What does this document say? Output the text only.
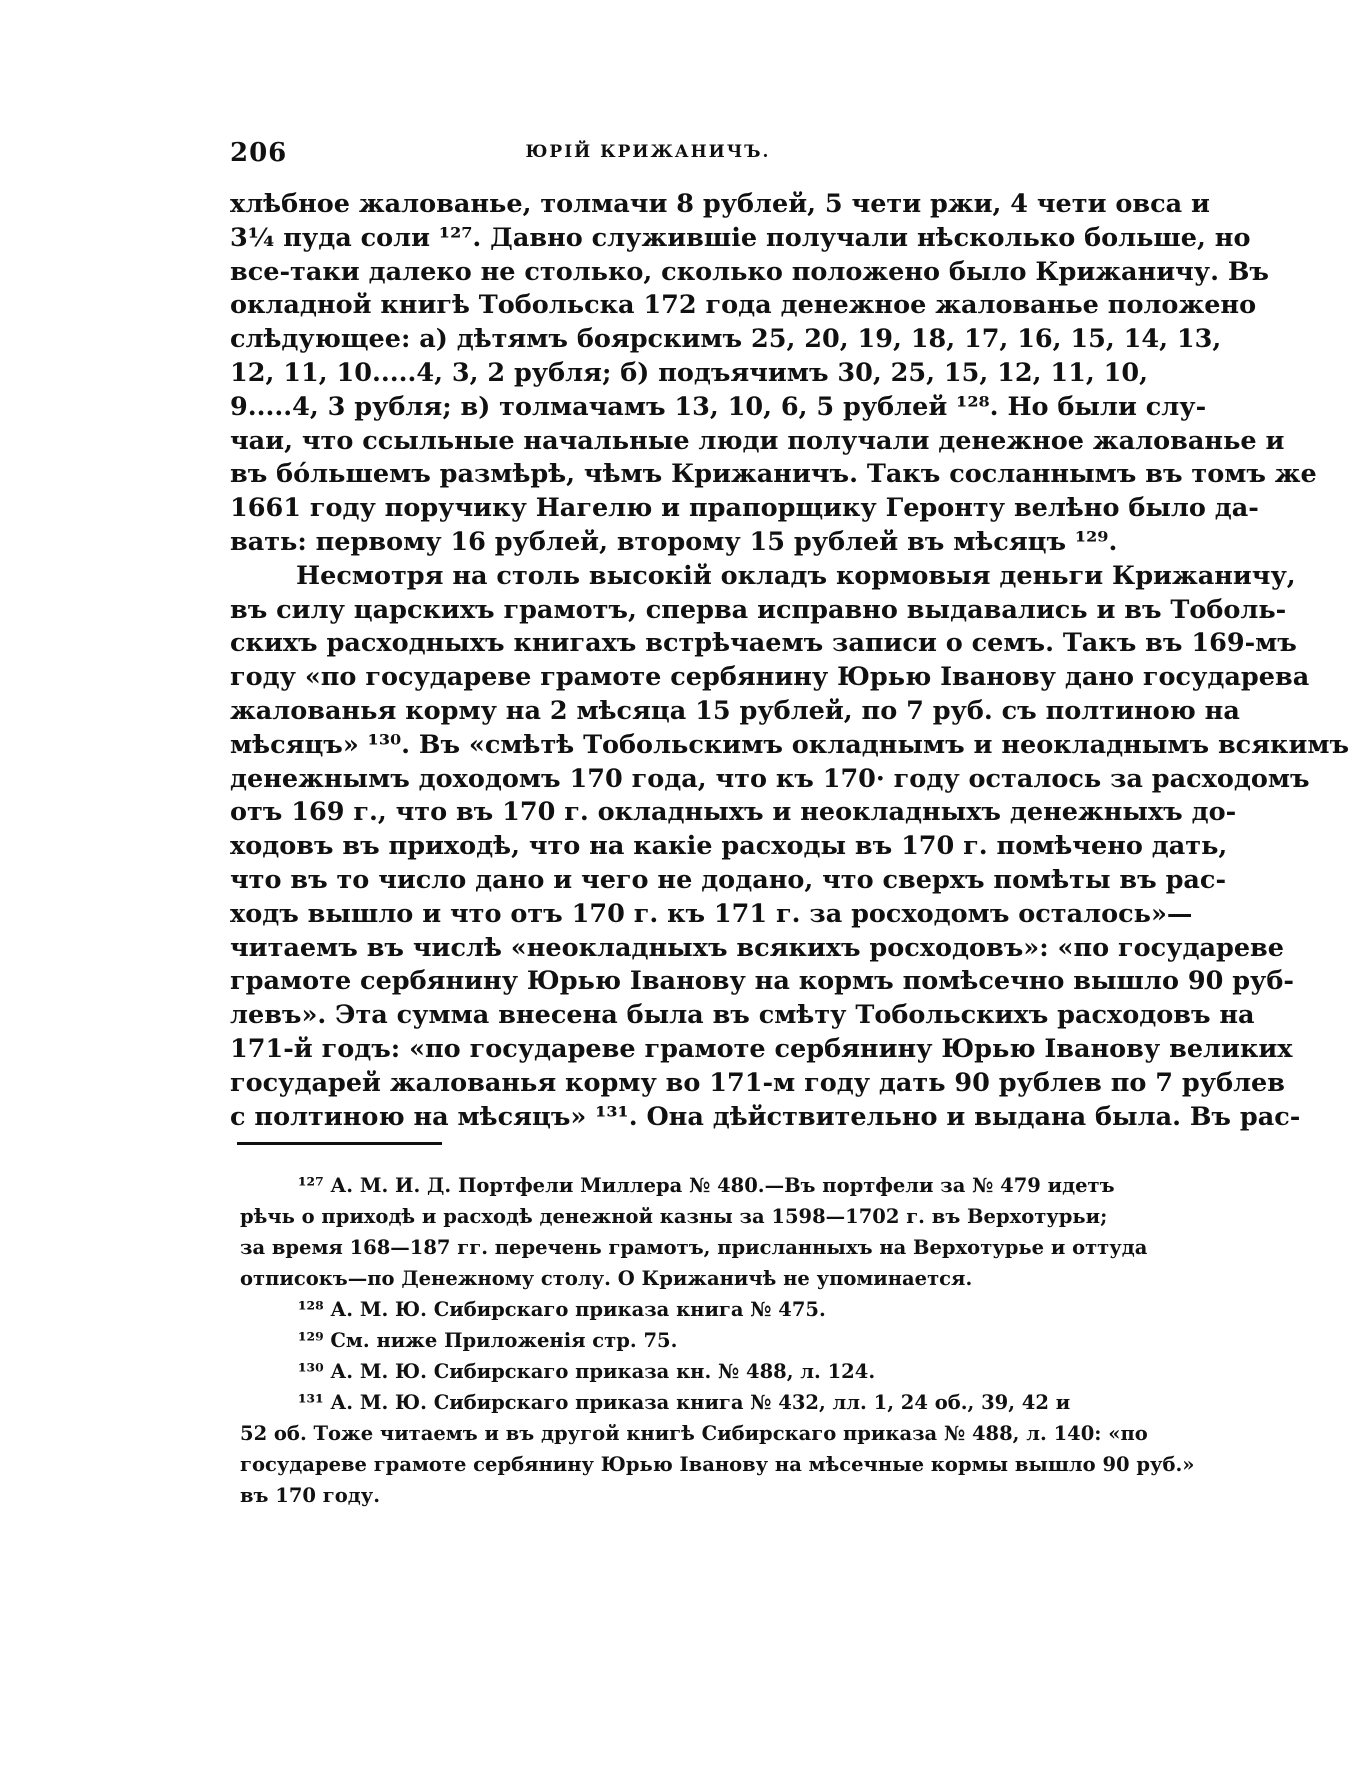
206	ЮРІЙ КРИЖАНИЧЪ.
хлѣбное жалованье, толмачи 8 рублей, 5 чети ржи, 4 чети овса и
3¼ пуда соли ¹²⁷. Давно служившіе получали нѣсколько больше, но
все-таки далеко не столько, сколько положено было Крижаничу. Въ
окладной книгѣ Тобольска 172 года денежное жалованье положено
слѣдующее: а) дѣтямъ боярскимъ 25, 20, 19, 18, 17, 16, 15, 14, 13,
12, 11, 10.....4, 3, 2 рубля; б) подъячимъ 30, 25, 15, 12, 11, 10,
9.....4, 3 рубля; в) толмачамъ 13, 10, 6, 5 рублей ¹²⁸. Но были слу-
чаи, что ссыльные начальные люди получали денежное жалованье и
въ бо́льшемъ размѣрѣ, чѣмъ Крижаничъ. Такъ сосланнымъ въ томъ же
1661 году поручику Нагелю и прапорщику Геронту велѣно было да-
вать: первому 16 рублей, второму 15 рублей въ мѣсяцъ ¹²⁹.
Несмотря на столь высокій окладъ кормовыя деньги Крижаничу,
въ силу царскихъ грамотъ, сперва исправно выдавались и въ Тоболь-
скихъ расходныхъ книгахъ встрѣчаемъ записи о семъ. Такъ въ 169-мъ
году «по государеве грамоте сербянину Юрью Іванову дано государева
жалованья корму на 2 мѣсяца 15 рублей, по 7 руб. съ полтиною на
мѣсяцъ» ¹³⁰. Въ «смѣтѣ Тобольскимъ окладнымъ и неокладнымъ всякимъ
денежнымъ доходомъ 170 года, что къ 170· году осталось за расходомъ
отъ 169 г., что въ 170 г. окладныхъ и неокладныхъ денежныхъ до-
ходовъ въ приходѣ, что на какіе расходы въ 170 г. помѣчено дать,
что въ то число дано и чего не додано, что сверхъ помѣты въ рас-
ходъ вышло и что отъ 170 г. къ 171 г. за росходомъ осталось»—
читаемъ въ числѣ «неокладныхъ всякихъ росходовъ»: «по государеве
грамоте сербянину Юрью Іванову на кормъ помѣсечно вышло 90 руб-
левъ». Эта сумма внесена была въ смѣту Тобольскихъ расходовъ на
171-й годъ: «по государеве грамоте сербянину Юрью Іванову великих
государей жалованья корму во 171-м году дать 90 рублев по 7 рублев
с полтиною на мѣсяцъ» ¹³¹. Она дѣйствительно и выдана была. Въ рас-
¹²⁷ А. М. И. Д. Портфели Миллера № 480.—Въ портфели за № 479 идетъ
рѣчь о приходѣ и расходѣ денежной казны за 1598—1702 г. въ Верхотурьи;
за время 168—187 гг. перечень грамотъ, присланныхъ на Верхотурье и оттуда
отписокъ—по Денежному столу. О Крижаничѣ не упоминается.
¹²⁸ А. М. Ю. Сибирскаго приказа книга № 475.
¹²⁹ См. ниже Приложенія стр. 75.
¹³⁰ А. М. Ю. Сибирскаго приказа кн. № 488, л. 124.
¹³¹ А. М. Ю. Сибирскаго приказа книга № 432, лл. 1, 24 об., 39, 42 и
52 об. Тоже читаемъ и въ другой книгѣ Сибирскаго приказа № 488, л. 140: «по
государеве грамоте сербянину Юрью Іванову на мѣсечные кормы вышло 90 руб.»
въ 170 году.
